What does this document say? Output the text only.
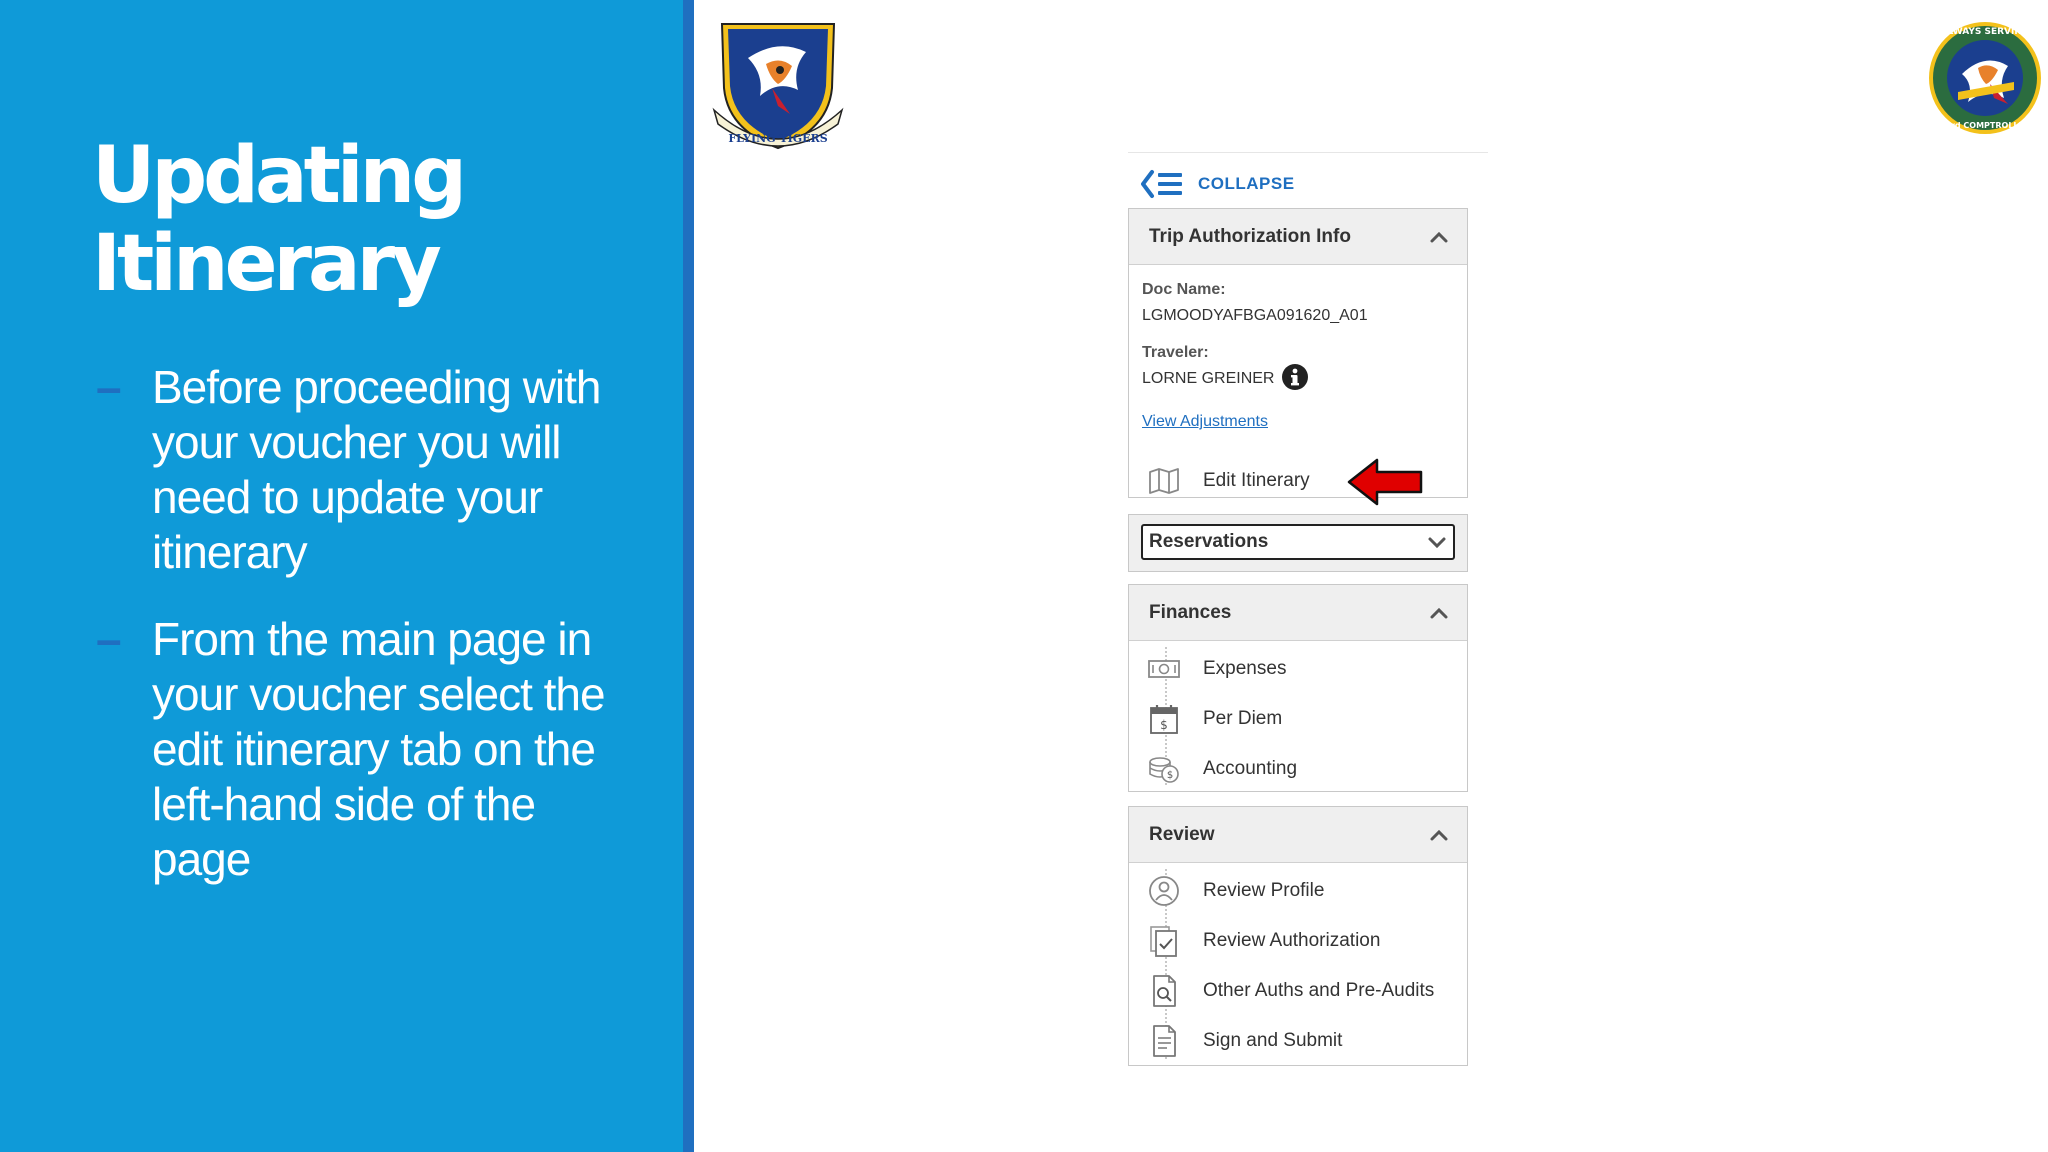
Updating
Itinerary
– Before proceeding with your voucher you will need to update your itinerary
– From the main page in your voucher select the edit itinerary tab on the left-hand side of the page
FLYING TIGERS
ALWAYS SERVING
23rd COMPTROLLER
COLLAPSE
Trip Authorization Info
Doc Name:
LGMOODYAFBGA091620_A01
Traveler:
LORNE GREINER
View Adjustments
Edit Itinerary
Reservations
Finances
Expenses
$ Per Diem
$ Accounting
Review
Review Profile
Review Authorization
Other Auths and Pre-Audits
Sign and Submit
